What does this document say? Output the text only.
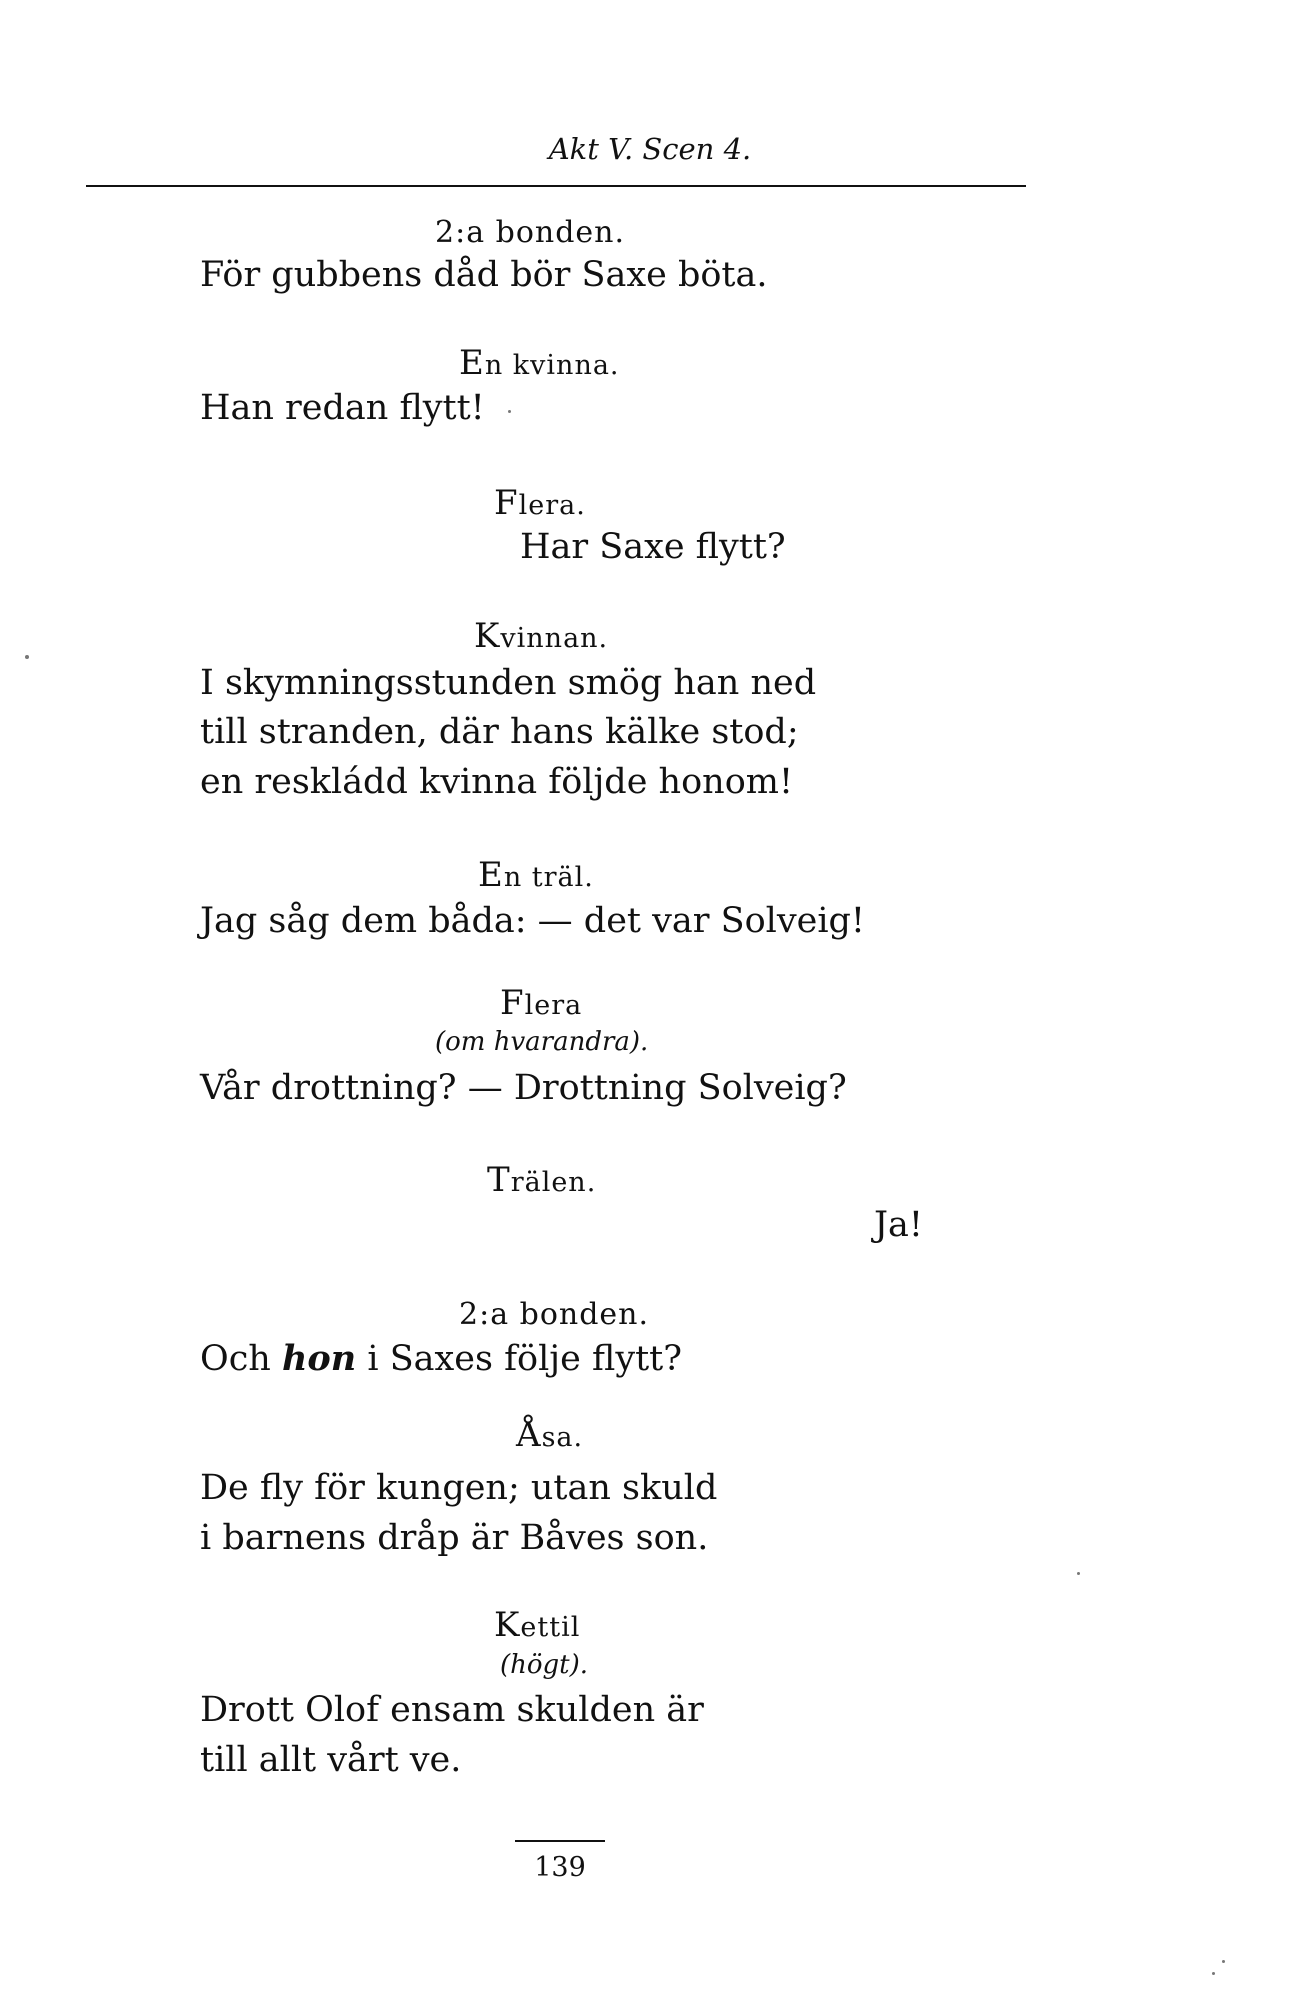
Akt V. Scen 4.
2:a bonden.
För gubbens dåd bör Saxe böta.
En kvinna.
Han redan flytt!
Flera.
Har Saxe flytt?
Kvinnan.
I skymningsstunden smög han ned
till stranden, där hans kälke stod;
en reskládd kvinna följde honom!
En träl.
Jag såg dem båda: — det var Solveig!
Flera
(om hvarandra).
Vår drottning? — Drottning Solveig?
Trälen.
Ja!
2:a bonden.
Och hon i Saxes följe flytt?
Åsa.
De fly för kungen; utan skuld
i barnens dråp är Båves son.
Kettil
(högt).
Drott Olof ensam skulden är
till allt vårt ve.
139
